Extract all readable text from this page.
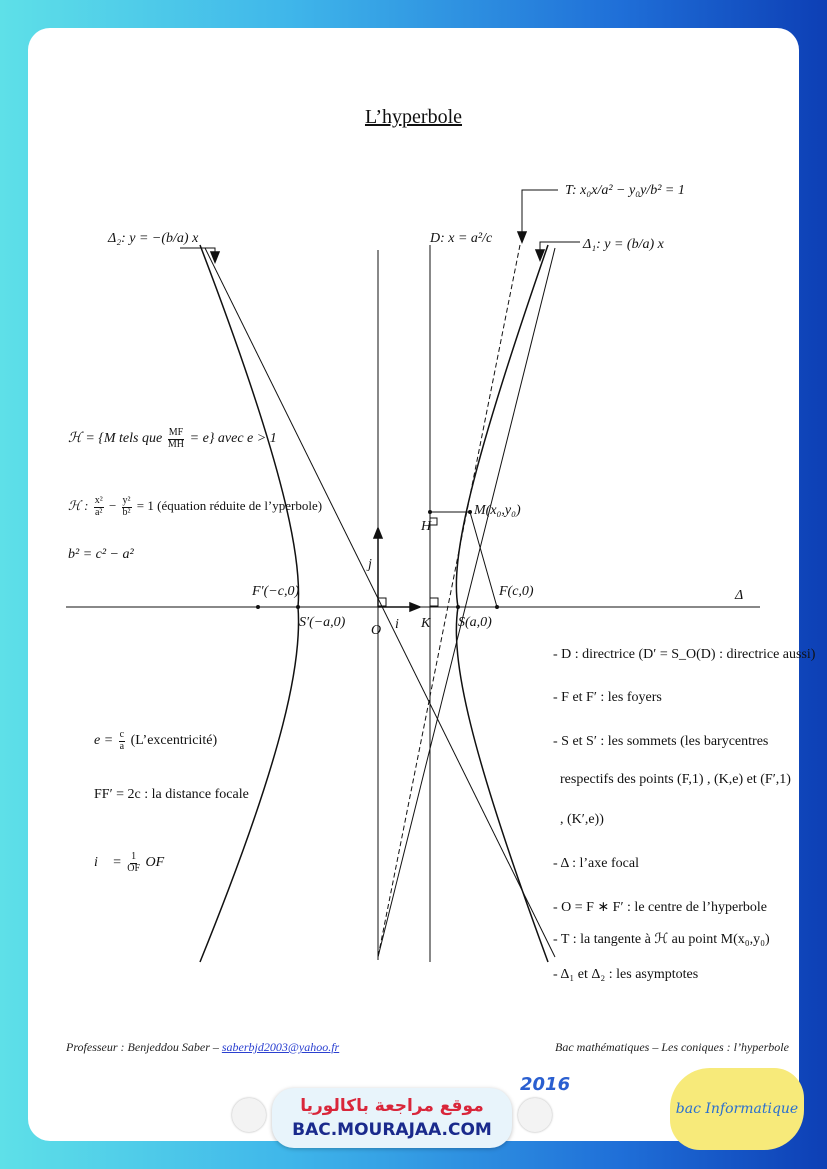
L’hyperbole
Δ₂: y = −(b/a) x	Δ₁: y = (b/a) x
D: x = a²/c
T: x₀x/a² − y₀y/b² = 1
M(x₀,y₀)
H
j⃗
i⃗
O	K
F′(−c,0)	F(c,0)
S′(−a,0)	S(a,0)
Δ
ℋ = {M tels que $\frac{MF}{MH} = e$} avec e > 1
ℋ : $\frac{\text{x²}}{\text{a²}} - \frac{\text{y²}}{\text{b²}} = 1$ (équation réduite de l’yperbole)
b² = c² − a²
$e = \frac{c}{a}$ (L’excentricité)
FF′ = 2c : la distance focale
i⃗ = $\frac{1}{OF}$ OF⃗
- D : directrice (D′ = S_O(D) : directrice aussi)
- F et F′ : les foyers
- S et S′ : les sommets (les barycentres
respectifs des points (F,1) , (K,e) et (F′,1)
, (K′,e))
- Δ : l’axe focal
- O = F ∗ F′ : le centre de l’hyperbole
- T : la tangente à ℋ au point M(x₀,y₀)
- Δ₁ et Δ₂ : les asymptotes
Professeur : Benjeddou Saber – saberbjd2003@yahoo.fr	Bac mathématiques – Les coniques : l’hyperbole
2016
موقع مراجعة باكالوريا
BAC.MOURAJAA.COM
bac Informatique
